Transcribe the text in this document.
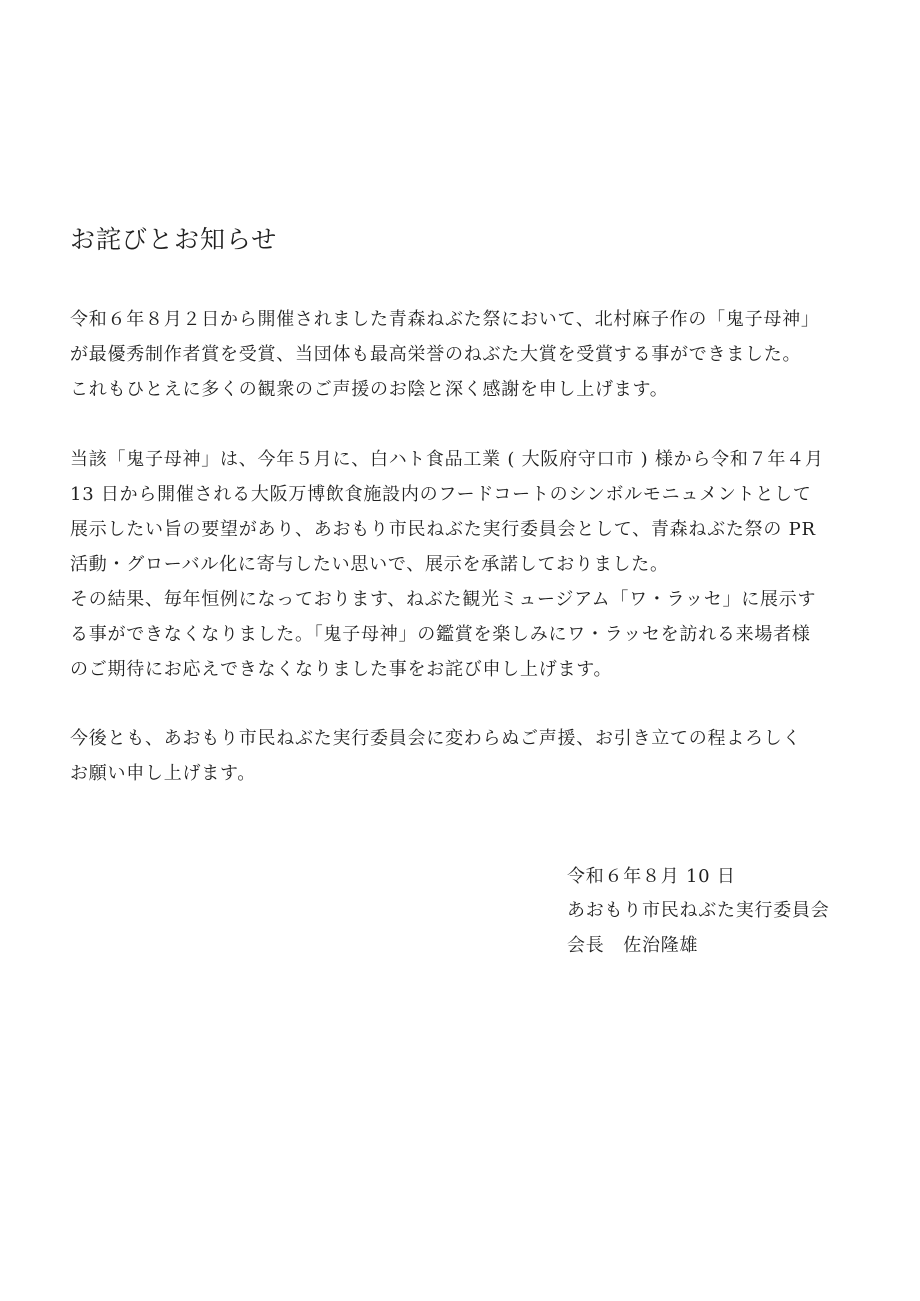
お詫びとお知らせ
令和６年８月２日から開催されました青森ねぶた祭において、北村麻子作の「鬼子母神」
が最優秀制作者賞を受賞、当団体も最高栄誉のねぶた大賞を受賞する事ができました。
これもひとえに多くの観衆のご声援のお陰と深く感謝を申し上げます。
当該「鬼子母神」は、今年５月に、白ハト食品工業 ( 大阪府守口市 ) 様から令和７年４月
13 日から開催される大阪万博飲食施設内のフードコートのシンボルモニュメントとして
展示したい旨の要望があり、あおもり市民ねぶた実行委員会として、青森ねぶた祭の PR
活動・グローバル化に寄与したい思いで、展示を承諾しておりました。
その結果、毎年恒例になっております、ねぶた観光ミュージアム「ワ・ラッセ」に展示す
る事ができなくなりました。「鬼子母神」の鑑賞を楽しみにワ・ラッセを訪れる来場者様
のご期待にお応えできなくなりました事をお詫び申し上げます。
今後とも、あおもり市民ねぶた実行委員会に変わらぬご声援、お引き立ての程よろしく
お願い申し上げます。
令和６年８月 10 日
あおもり市民ねぶた実行委員会
会長　佐治隆雄
